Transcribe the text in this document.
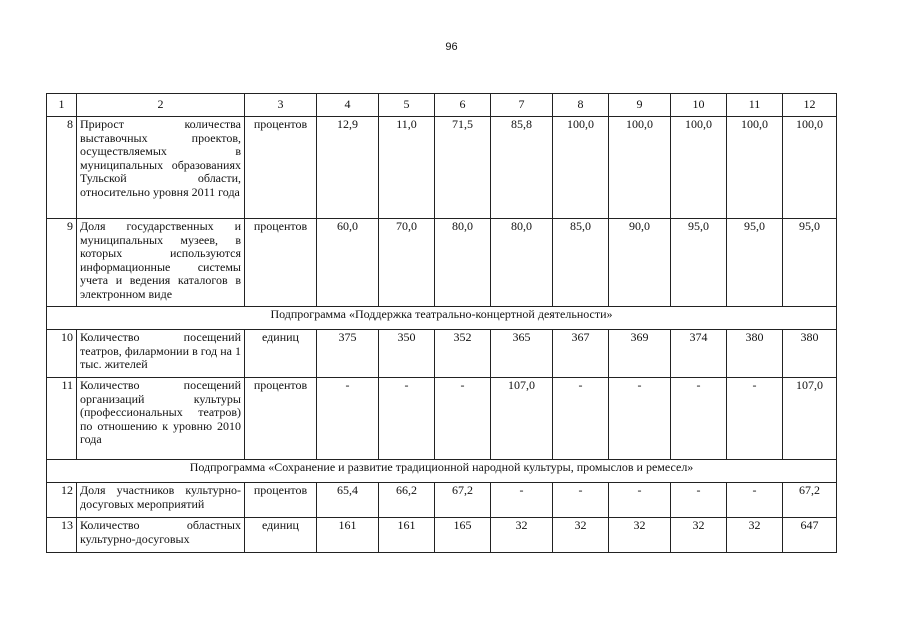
96
1	2	3	4	5	6	7	8	9	10	11	12
8	Прирост количества выставочных проектов, осуществляемых в муниципальных образованиях Тульской области, относительно уровня 2011 года	процентов	12,9	11,0	71,5	85,8	100,0	100,0	100,0	100,0	100,0
9	Доля государственных и муниципальных музеев, в которых используются информационные системы учета и ведения каталогов в электронном виде	процентов	60,0	70,0	80,0	80,0	85,0	90,0	95,0	95,0	95,0
Подпрограмма «Поддержка театрально-концертной деятельности»											
10	Количество посещений театров, филармонии в год на 1 тыс. жителей	единиц	375	350	352	365	367	369	374	380	380
11	Количество посещений организаций культуры (профессиональных театров) по отношению к уровню 2010 года	процентов	-	-	-	107,0	-	-	-	-	107,0
Подпрограмма «Сохранение и развитие традиционной народной культуры, промыслов и ремесел»											
12	Доля участников культурно-досуговых мероприятий	процентов	65,4	66,2	67,2	-	-	-	-	-	67,2
13	Количество областных культурно-досуговых	единиц	161	161	165	32	32	32	32	32	647
